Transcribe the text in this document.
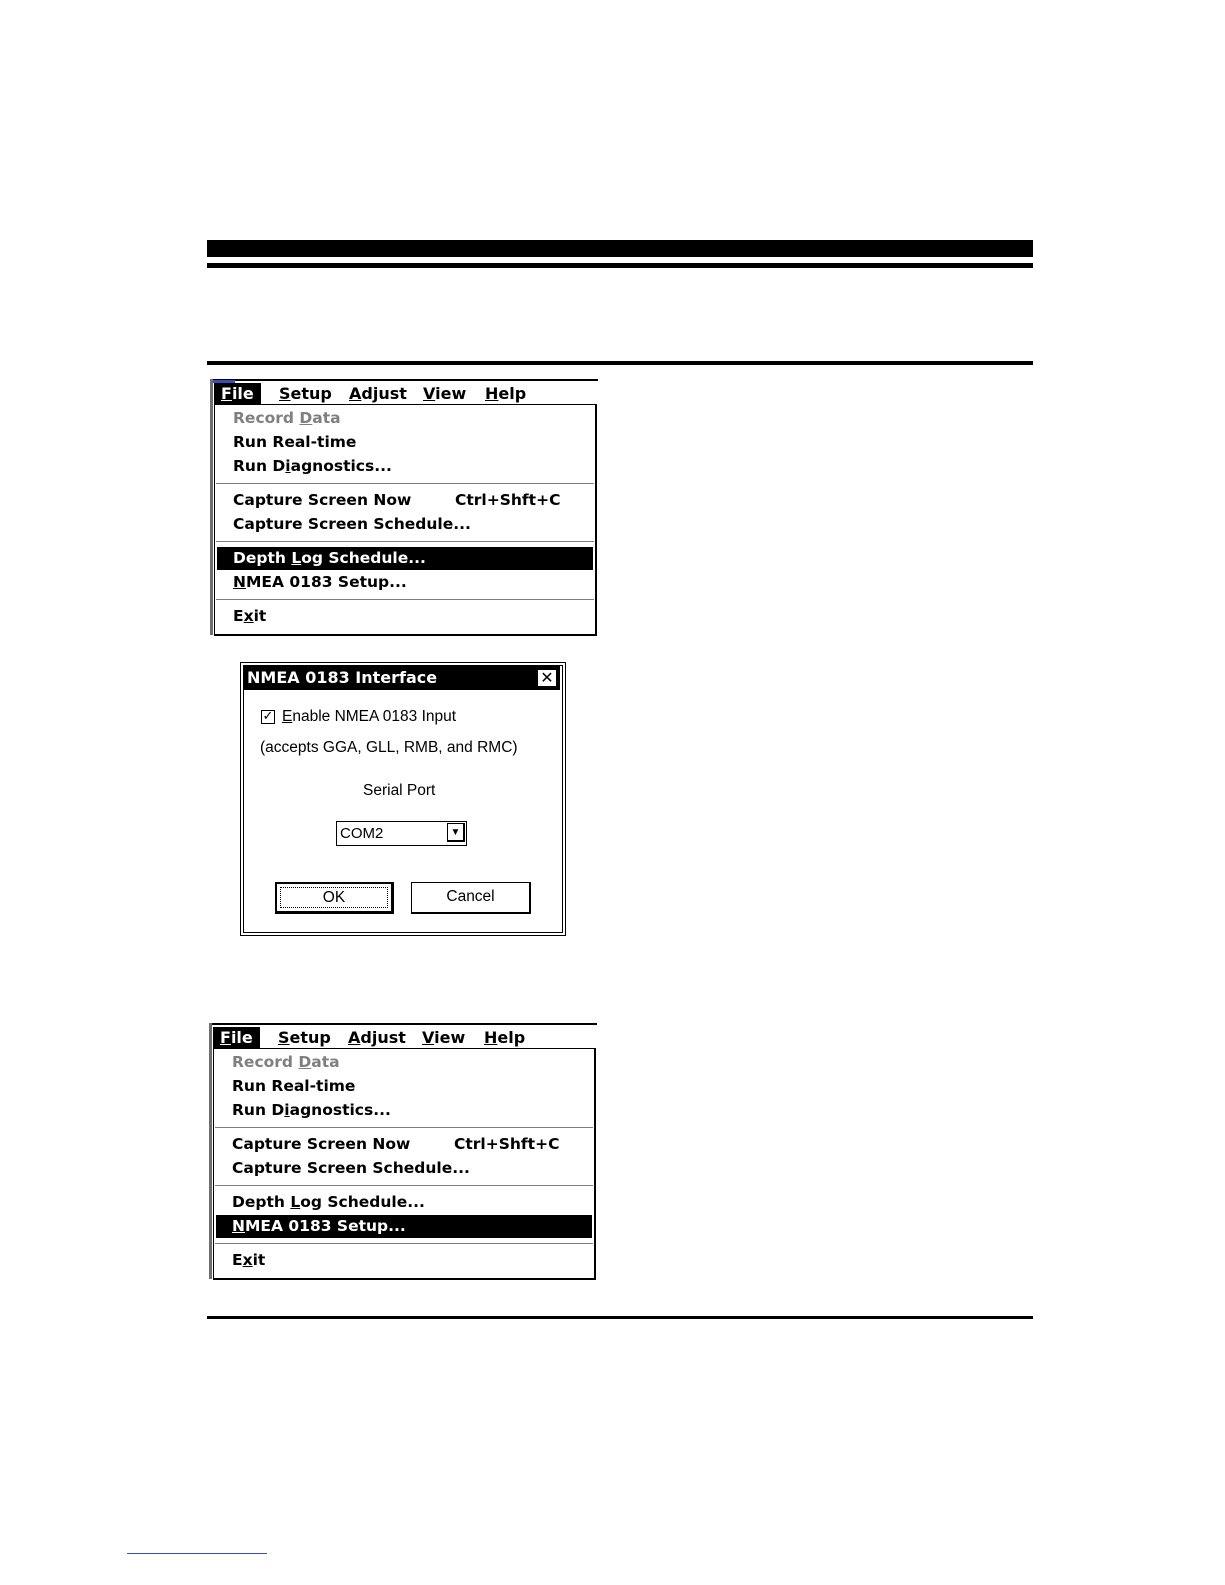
File	Setup	Adjust	View	Help
Record Data
Run Real-time
Run Diagnostics...
Capture Screen Now	Ctrl+Shft+C
Capture Screen Schedule...
Depth Log Schedule...
NMEA 0183 Setup...
Exit
NMEA 0183 Interface	✕
✓ Enable NMEA 0183 Input
(accepts GGA, GLL, RMB, and RMC)
Serial Port
COM2	▼
OK	Cancel
File	Setup	Adjust	View	Help
Record Data
Run Real-time
Run Diagnostics...
Capture Screen Now	Ctrl+Shft+C
Capture Screen Schedule...
Depth Log Schedule...
NMEA 0183 Setup...
Exit
